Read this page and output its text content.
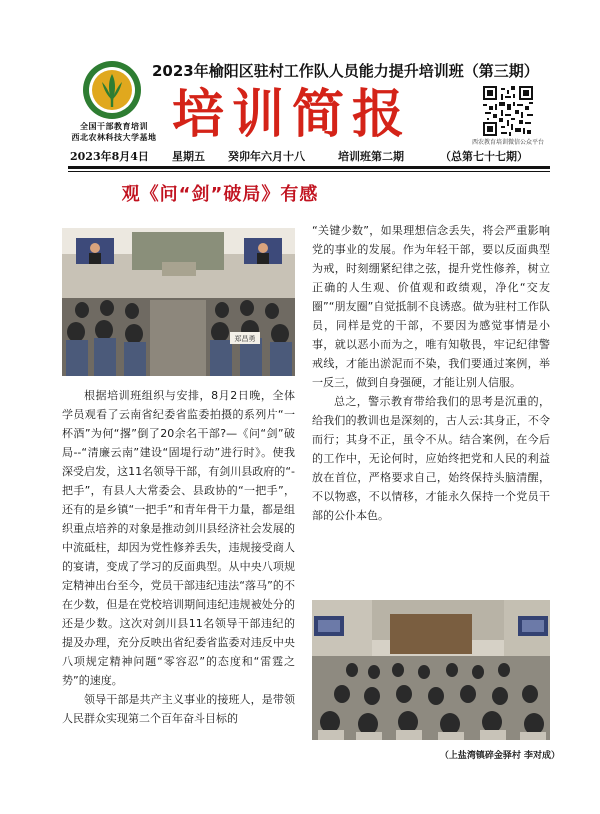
全国干部教育培训
西北农林科技大学基地
2023年榆阳区驻村工作队人员能力提升培训班（第三期）
培训简报	西农教育培训微信公众平台
2023年8月4日 星期五 癸卯年六月十八	培训班第二期	（总第七十七期）
观《问“剑”破局》有感
郑昌勇

根据培训班组织与安排，8月2日晚，全体学员观看了云南省纪委省监委拍摄的系列片“一杯酒”为何“撂”倒了20余名干部?—《问“剑”破局--“清廉云南”建设“固堤行动”进行时》。使我深受启发，这11名领导干部，有剑川县政府的“-把手”，有县人大常委会、县政协的“一把手”，还有的是乡镇“一把手”和青年骨干力量，都是组织重点培养的对象是推动剑川县经济社会发展的中流砥柱，却因为党性修养丢失，违规接受商人的宴请，变成了学习的反面典型。从中央八项规定精神出台至今，党员干部违纪违法“落马”的不在少数，但是在党校培训期间违纪违规被处分的还是少数。这次对剑川县11名领导干部违纪的提及办理，充分反映出省纪委省监委对违反中央八项规定精神问题“零容忍”的态度和“雷霆之势”的速度。

领导干部是共产主义事业的接班人，是带领人民群众实现第二个百年奋斗目标的

“关键少数”，如果理想信念丢失，将会严重影响党的事业的发展。作为年轻干部，要以反面典型为戒，时刻绷紧纪律之弦，提升党性修养，树立正确的人生观、价值观和政绩观，净化“交友圈”“朋友圈”自觉抵制不良诱惑。做为驻村工作队员，同样是党的干部，不要因为感觉事情是小事，就以恶小而为之，唯有知敬畏，牢记纪律警戒线，才能出淤泥而不染，我们要通过案例，举一反三，做到自身强硬，才能让别人信服。

总之，警示教育带给我们的思考是沉重的，给我们的教训也是深刻的，古人云:其身正，不令而行；其身不正，虽令不从。结合案例，在今后的工作中，无论何时，应始终把党和人民的利益放在首位，严格要求自己，始终保持头脑清醒，不以物惑，不以情移，才能永久保持一个党员干部的公仆本色。

（上盐湾镇碎金驿村 李对成）
